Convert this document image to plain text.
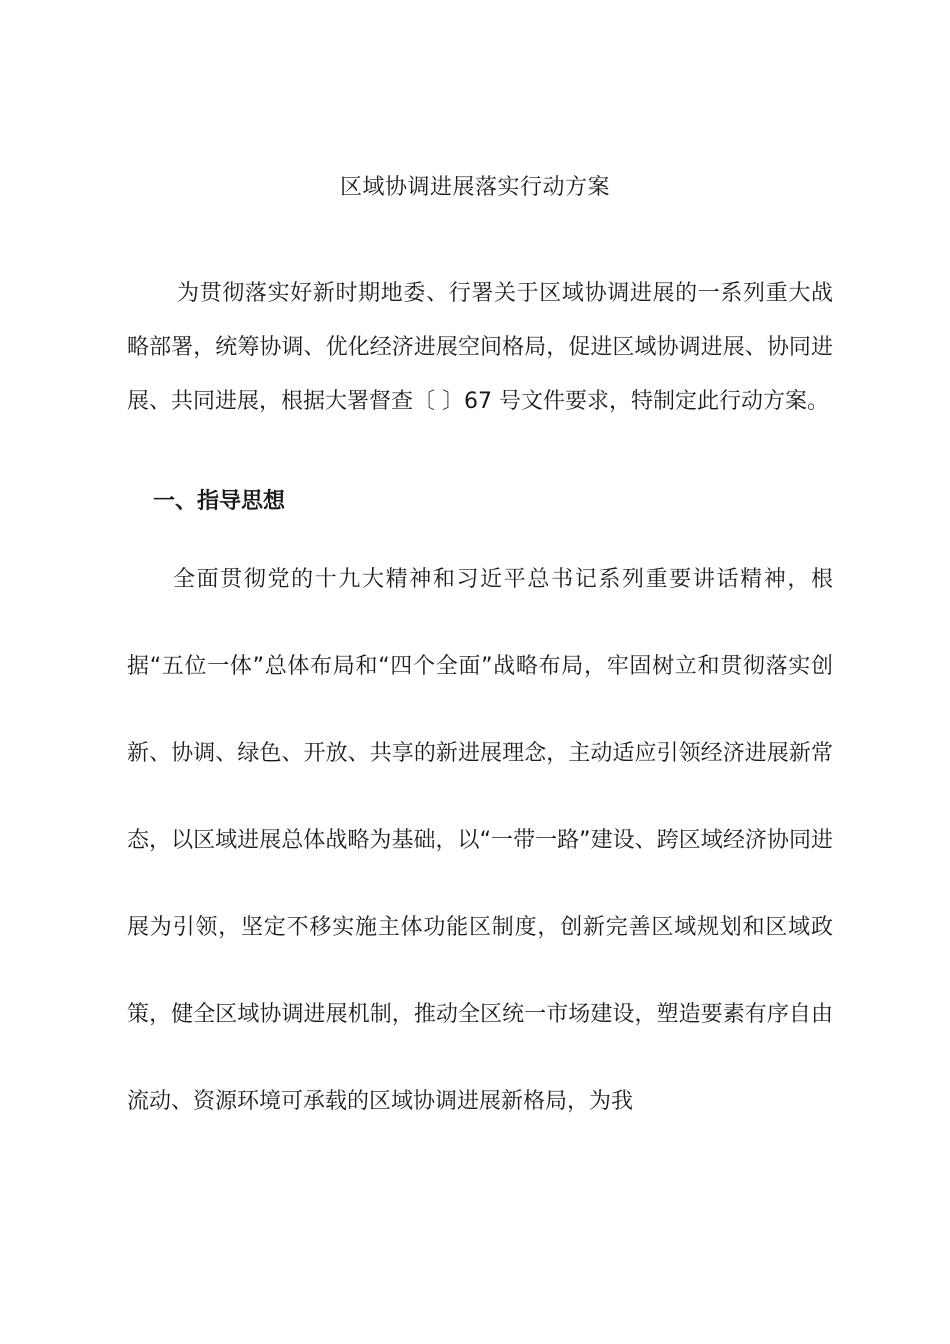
区域协调进展落实行动方案

为贯彻落实好新时期地委、行署关于区域协调进展的一系列重大战略部署，统筹协调、优化经济进展空间格局，促进区域协调进展、协同进展、共同进展，根据大署督查〔 〕67 号文件要求，特制定此行动方案。

一、指导思想

全面贯彻党的十九大精神和习近平总书记系列重要讲话精神，根据“五位一体”总体布局和“四个全面”战略布局，牢固树立和贯彻落实创新、协调、绿色、开放、共享的新进展理念，主动适应引领经济进展新常态，以区域进展总体战略为基础，以“一带一路”建设、跨区域经济协同进展为引领，坚定不移实施主体功能区制度，创新完善区域规划和区域政策，健全区域协调进展机制，推动全区统一市场建设，塑造要素有序自由流动、资源环境可承载的区域协调进展新格局，为我
